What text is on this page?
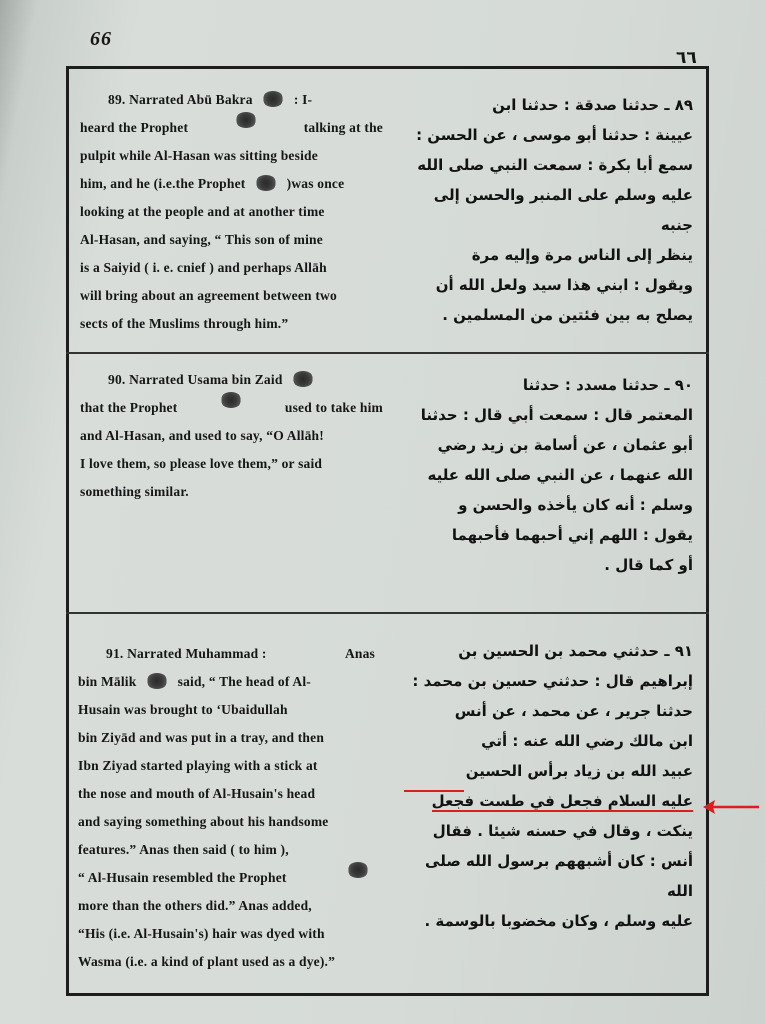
66
٦٦
89. Narrated Abū Bakra	: I-
heard the Prophet	talking at the
pulpit while Al-Hasan was sitting beside
him, and he (i.e.the Prophet	)was once
looking at the people and at another time
Al-Hasan, and saying, “ This son of mine
is a Saiyid ( i. e. cnief ) and perhaps Allāh
will bring about an agreement between two
sects of the Muslims through him.”
٨٩ ـ حدثنا صدقة : حدثنا ابن
عيينة : حدثنا أبو موسى ، عن الحسن :
سمع أبا بكرة : سمعت النبي صلى الله
عليه وسلم على المنبر والحسن إلى جنبه
ينظر إلى الناس مرة وإليه مرة
ويقول : ابني هذا سيد ولعل الله أن
يصلح به بين فئتين من المسلمين .
90. Narrated Usama bin Zaid
that the Prophet	used to take him
and Al-Hasan, and used to say, “O Allāh!
I love them, so please love them,” or said
something similar.
٩٠ ـ حدثنا مسدد : حدثنا
المعتمر قال : سمعت أبي قال : حدثنا
أبو عثمان ، عن أسامة بن زيد رضي
الله عنهما ، عن النبي صلى الله عليه
وسلم : أنه كان يأخذه والحسن و
يقول : اللهم إني أحبهما فأحبهما
أو كما قال .
91. Narrated Muhammad :	Anas
bin Mālik	said, “ The head of Al-
Husain was brought to ‘Ubaidullah
bin Ziyād and was put in a tray, and then
Ibn Ziyad started playing with a stick at
the nose and mouth of Al-Husain's head
and saying something about his handsome
features.” Anas then said ( to him ),
“ Al-Husain resembled the Prophet
more than the others did.” Anas added,
“His (i.e. Al-Husain's) hair was dyed with
Wasma (i.e. a kind of plant used as a dye).”
٩١ ـ حدثني محمد بن الحسين بن
إبراهيم قال : حدثني حسين بن محمد :
حدثنا جرير ، عن محمد ، عن أنس
ابن مالك رضي الله عنه : أتي
عبيد الله بن زياد برأس الحسين
عليه السلام فجعل في طست فجعل
ينكت ، وقال في حسنه شيئا . فقال
أنس : كان أشبههم برسول الله صلى الله
عليه وسلم ، وكان مخضوبا بالوسمة .
